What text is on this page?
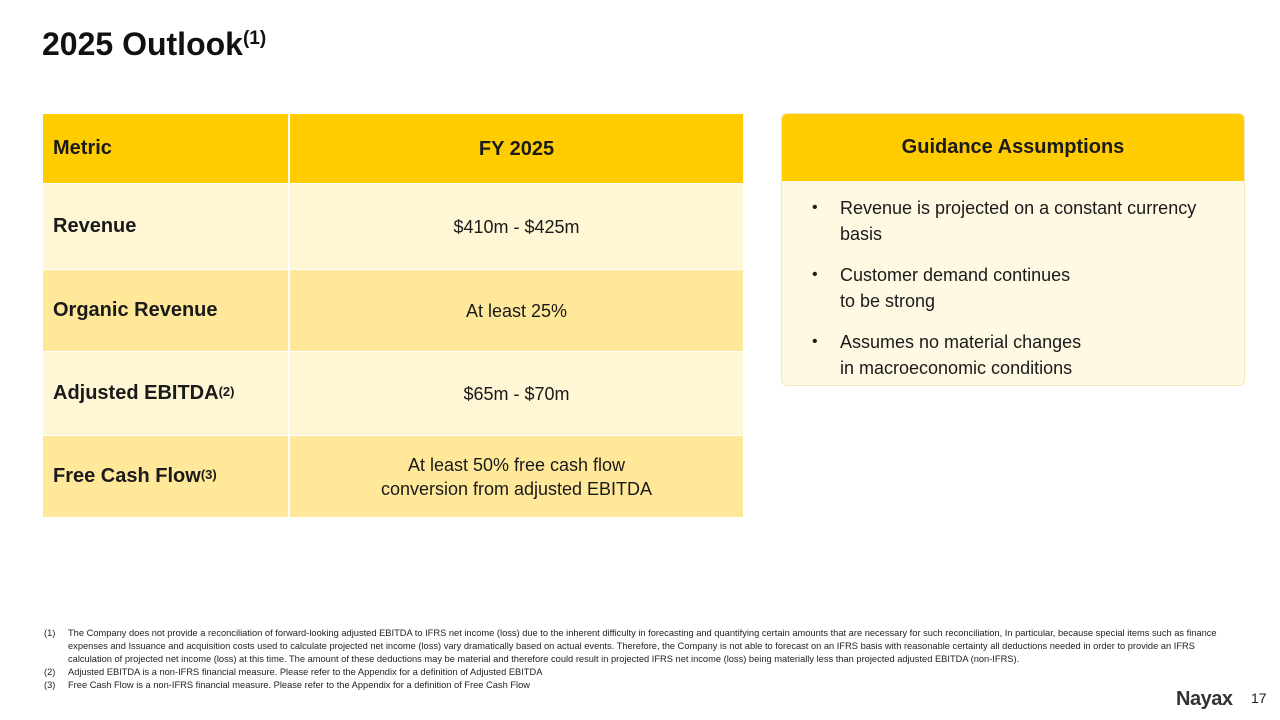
2025 Outlook$^{(1)}$
Metric	FY 2025
Revenue	$410m - $425m
Organic Revenue	At least 25%
Adjusted EBITDA$^{(2)}$	$65m - $70m
Free Cash Flow$^{(3)}$	At least 50% free cash flow
conversion from adjusted EBITDA
Guidance Assumptions
• Revenue is projected on a constant currency
basis
• Customer demand continues
to be strong
• Assumes no material changes
in macroeconomic conditions
(1)	The Company does not provide a reconciliation of forward-looking adjusted EBITDA to IFRS net income (loss) due to the inherent difficulty in forecasting and quantifying certain amounts that are necessary for such reconciliation, In particular, because special items such as finance expenses and Issuance and acquisition costs used to calculate projected net income (loss) vary dramatically based on actual events. Therefore, the Company is not able to forecast on an IFRS basis with reasonable certainty all deductions needed in order to provide an IFRS calculation of projected net income (loss) at this time. The amount of these deductions may be material and therefore could result in projected IFRS net income (loss) being materially less than projected adjusted EBITDA (non-IFRS).
(2)	Adjusted EBITDA is a non-IFRS financial measure. Please refer to the Appendix for a definition of Adjusted EBITDA
(3)	Free Cash Flow is a non-IFRS financial measure. Please refer to the Appendix for a definition of Free Cash Flow
Nayax 17
